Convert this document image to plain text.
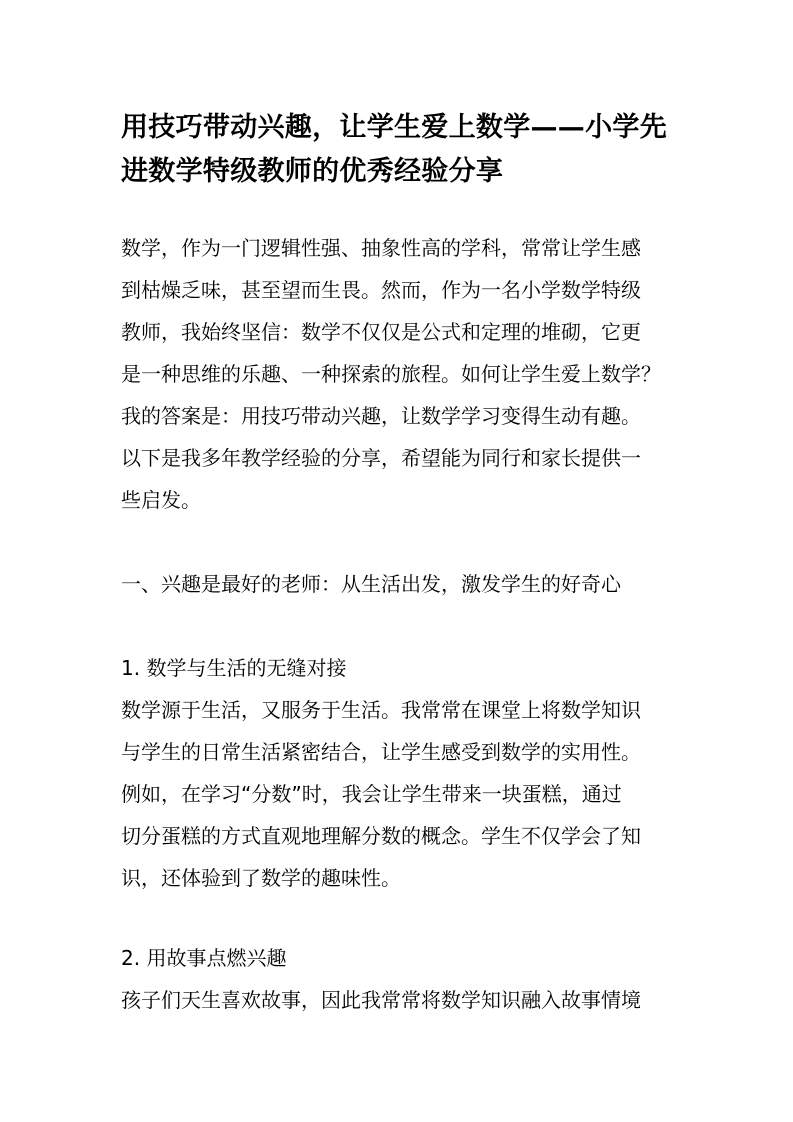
用技巧带动兴趣，让学生爱上数学——小学先进数学特级教师的优秀经验分享

数学，作为一门逻辑性强、抽象性高的学科，常常让学生感

到枯燥乏味，甚至望而生畏。然而，作为一名小学数学特级

教师，我始终坚信：数学不仅仅是公式和定理的堆砌，它更

是一种思维的乐趣、一种探索的旅程。如何让学生爱上数学？

我的答案是：用技巧带动兴趣，让数学学习变得生动有趣。

以下是我多年教学经验的分享，希望能为同行和家长提供一

些启发。

一、兴趣是最好的老师：从生活出发，激发学生的好奇心

1. 数学与生活的无缝对接

数学源于生活，又服务于生活。我常常在课堂上将数学知识

与学生的日常生活紧密结合，让学生感受到数学的实用性。

例如，在学习“分数”时，我会让学生带来一块蛋糕，通过

切分蛋糕的方式直观地理解分数的概念。学生不仅学会了知

识，还体验到了数学的趣味性。

2. 用故事点燃兴趣

孩子们天生喜欢故事，因此我常常将数学知识融入故事情境
